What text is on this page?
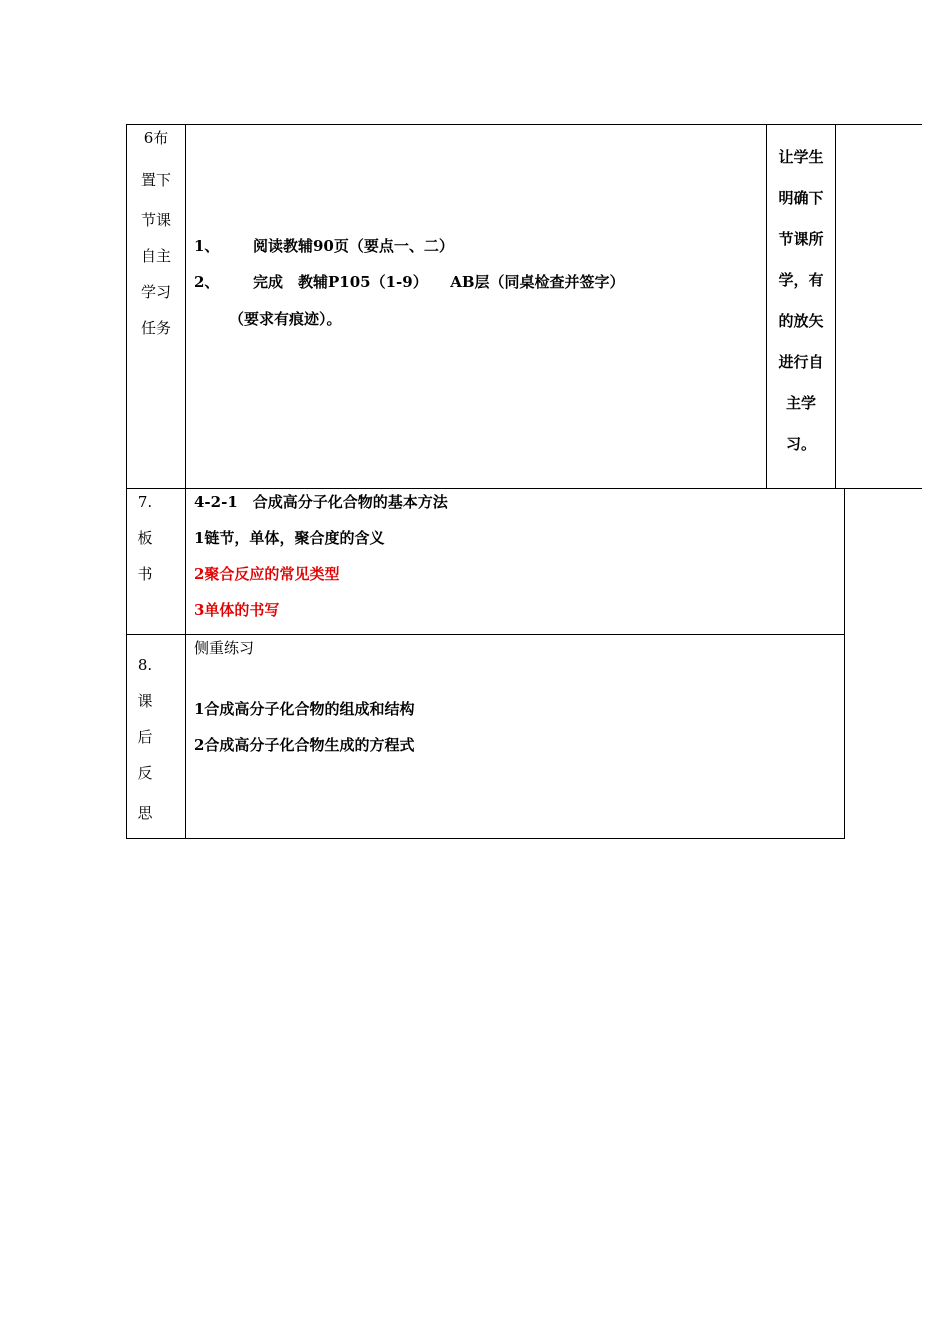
6布
置下
节课
自主
学习
任务
1、 阅读教辅90页（要点一、二）
2、 完成　教辅P105（1-9）　　AB层（同桌检查并签字）
（要求有痕迹）。
让学生
明确下
节课所
学，有
的放矢
进行自
主学
习。
7.
板
书
4-2-1　合成高分子化合物的基本方法
1链节，单体，聚合度的含义
2聚合反应的常见类型
3单体的书写
8.
课
后
反
思
侧重练习
1合成高分子化合物的组成和结构
2合成高分子化合物生成的方程式
